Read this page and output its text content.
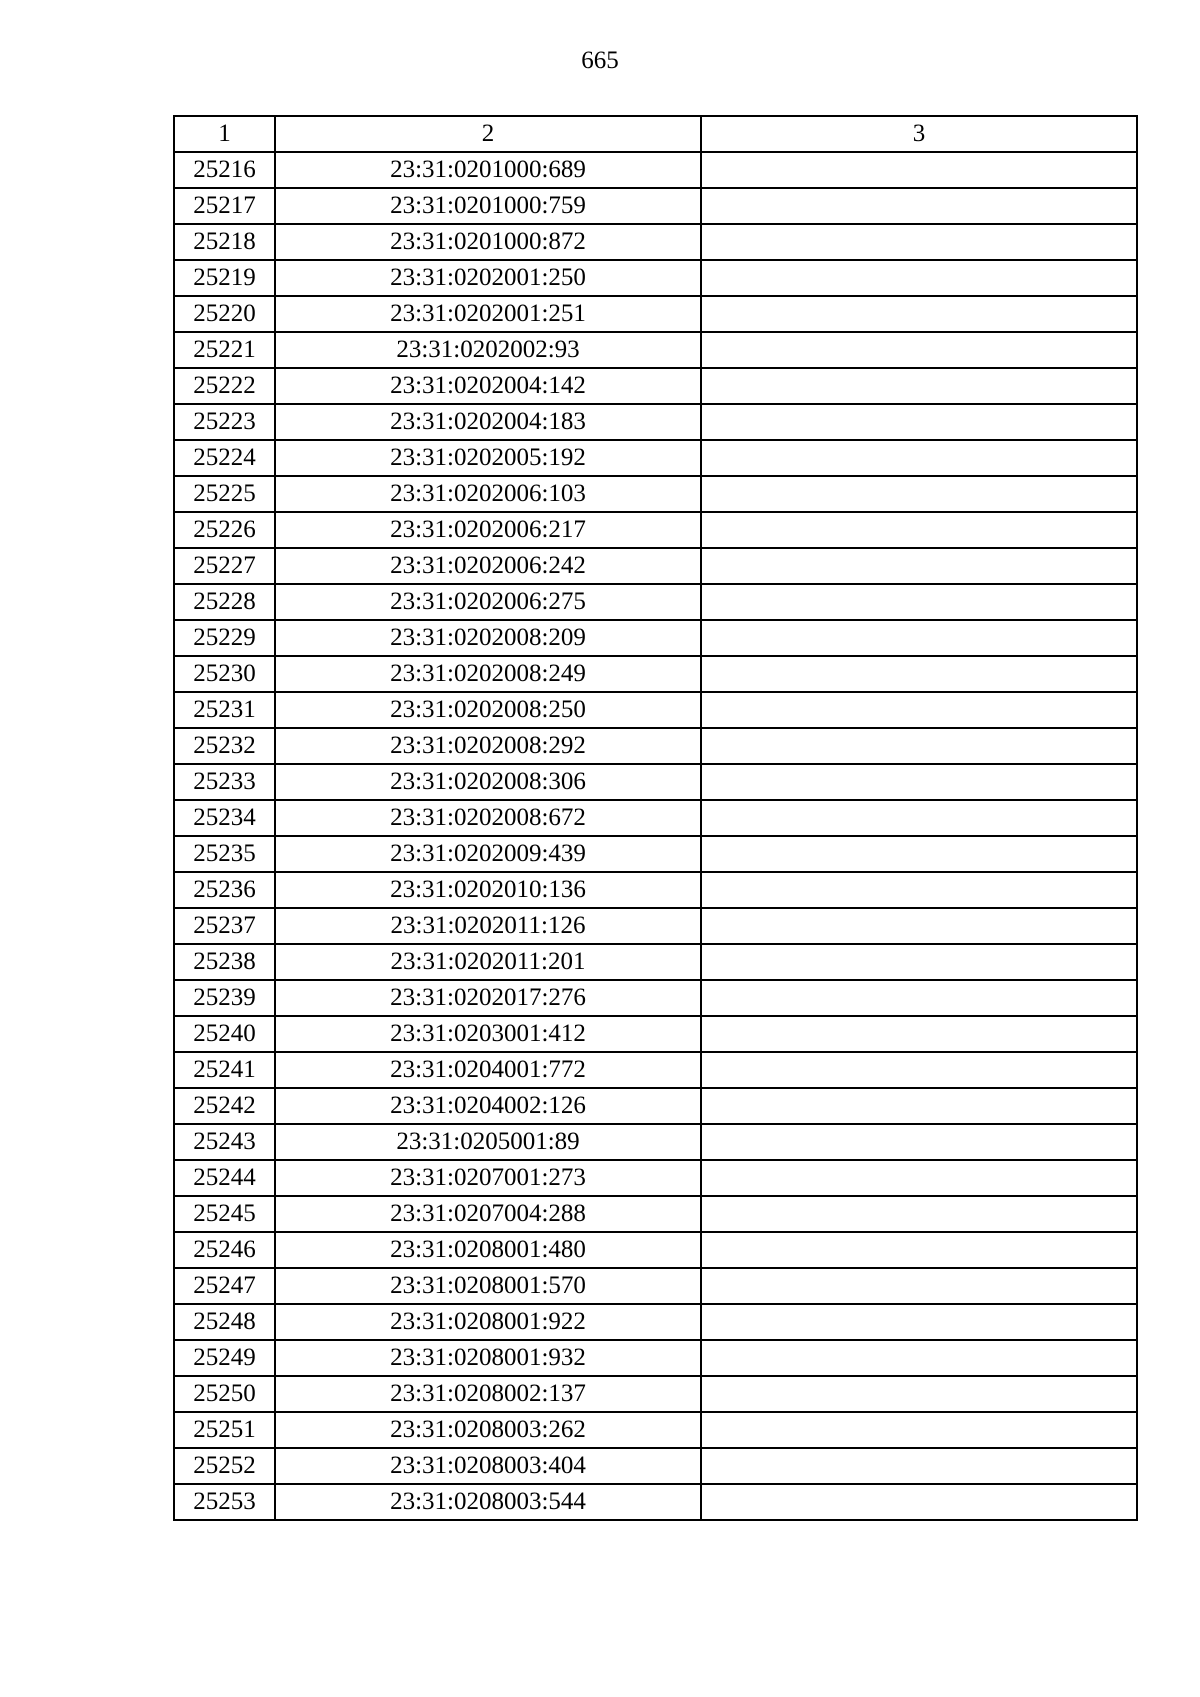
665
1	2	3
25216	23:31:0201000:689	
25217	23:31:0201000:759	
25218	23:31:0201000:872	
25219	23:31:0202001:250	
25220	23:31:0202001:251	
25221	23:31:0202002:93	
25222	23:31:0202004:142	
25223	23:31:0202004:183	
25224	23:31:0202005:192	
25225	23:31:0202006:103	
25226	23:31:0202006:217	
25227	23:31:0202006:242	
25228	23:31:0202006:275	
25229	23:31:0202008:209	
25230	23:31:0202008:249	
25231	23:31:0202008:250	
25232	23:31:0202008:292	
25233	23:31:0202008:306	
25234	23:31:0202008:672	
25235	23:31:0202009:439	
25236	23:31:0202010:136	
25237	23:31:0202011:126	
25238	23:31:0202011:201	
25239	23:31:0202017:276	
25240	23:31:0203001:412	
25241	23:31:0204001:772	
25242	23:31:0204002:126	
25243	23:31:0205001:89	
25244	23:31:0207001:273	
25245	23:31:0207004:288	
25246	23:31:0208001:480	
25247	23:31:0208001:570	
25248	23:31:0208001:922	
25249	23:31:0208001:932	
25250	23:31:0208002:137	
25251	23:31:0208003:262	
25252	23:31:0208003:404	
25253	23:31:0208003:544	
